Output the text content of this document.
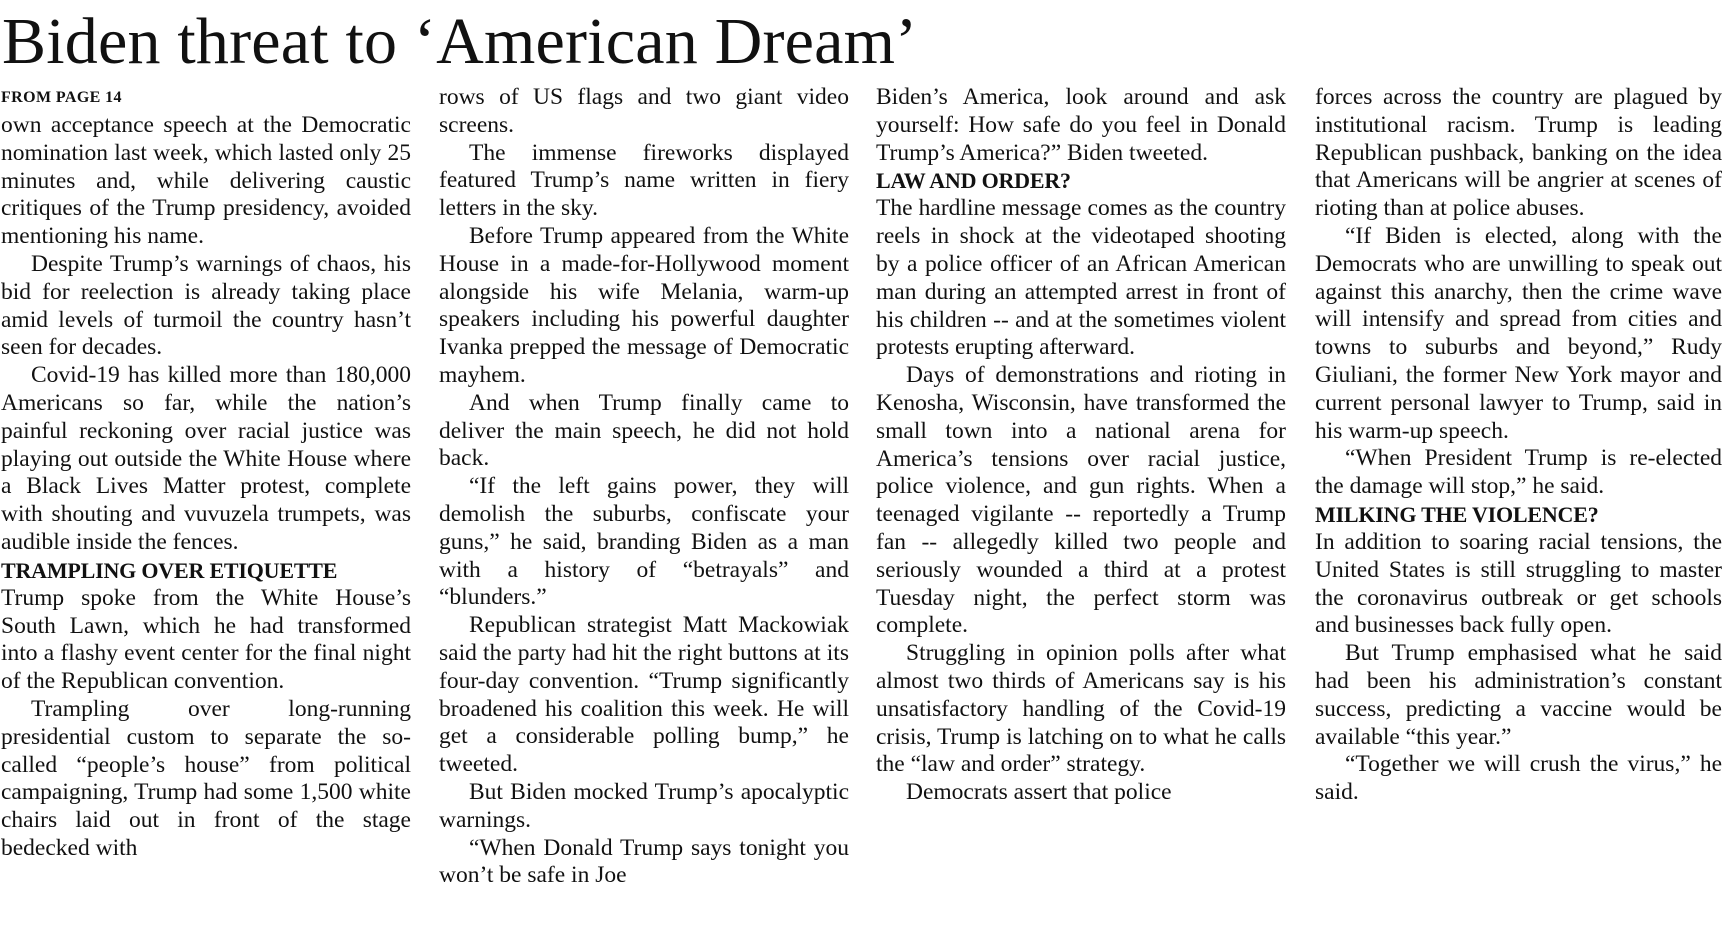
Biden threat to ‘American Dream’
FROM PAGE 14

own acceptance speech at the Democratic nomination last week, which lasted only 25 minutes and, while delivering caustic critiques of the Trump presidency, avoided mentioning his name.

Despite Trump’s warnings of chaos, his bid for reelection is already taking place amid levels of turmoil the country hasn’t seen for decades.

Covid-19 has killed more than 180,000 Americans so far, while the nation’s painful reckoning over racial justice was playing out outside the White House where a Black Lives Matter protest, complete with shouting and vuvuzela trumpets, was audible inside the fences.

TRAMPLING OVER ETIQUETTE

Trump spoke from the White House’s South Lawn, which he had transformed into a flashy event center for the final night of the Republican convention.

Trampling over long-running presidential custom to separate the so-called “people’s house” from political campaigning, Trump had some 1,500 white chairs laid out in front of the stage bedecked with

rows of US flags and two giant video screens.

The immense fireworks displayed featured Trump’s name written in fiery letters in the sky.

Before Trump appeared from the White House in a made-for-Hollywood moment alongside his wife Melania, warm-up speakers including his powerful daughter Ivanka prepped the message of Democratic mayhem.

And when Trump finally came to deliver the main speech, he did not hold back.

“If the left gains power, they will demolish the suburbs, confiscate your guns,” he said, branding Biden as a man with a history of “betrayals” and “blunders.”

Republican strategist Matt Mackowiak said the party had hit the right buttons at its four-day convention. “Trump significantly broadened his coalition this week. He will get a considerable polling bump,” he tweeted.

But Biden mocked Trump’s apocalyptic warnings.

“When Donald Trump says tonight you won’t be safe in Joe

Biden’s America, look around and ask yourself: How safe do you feel in Donald Trump’s America?” Biden tweeted.

LAW AND ORDER?

The hardline message comes as the country reels in shock at the videotaped shooting by a police officer of an African American man during an attempted arrest in front of his children -- and at the sometimes violent protests erupting afterward.

Days of demonstrations and rioting in Kenosha, Wisconsin, have transformed the small town into a national arena for America’s tensions over racial justice, police violence, and gun rights. When a teenaged vigilante -- reportedly a Trump fan -- allegedly killed two people and seriously wounded a third at a protest Tuesday night, the perfect storm was complete.

Struggling in opinion polls after what almost two thirds of Americans say is his unsatisfactory handling of the Covid-19 crisis, Trump is latching on to what he calls the “law and order” strategy.

Democrats assert that police

forces across the country are plagued by institutional racism. Trump is leading Republican pushback, banking on the idea that Americans will be angrier at scenes of rioting than at police abuses.

“If Biden is elected, along with the Democrats who are unwilling to speak out against this anarchy, then the crime wave will intensify and spread from cities and towns to suburbs and beyond,” Rudy Giuliani, the former New York mayor and current personal lawyer to Trump, said in his warm-up speech.

“When President Trump is re-elected the damage will stop,” he said.

MILKING THE VIOLENCE?

In addition to soaring racial tensions, the United States is still struggling to master the coronavirus outbreak or get schools and businesses back fully open.

But Trump emphasised what he said had been his administration’s constant success, predicting a vaccine would be available “this year.”

“Together we will crush the virus,” he said.
